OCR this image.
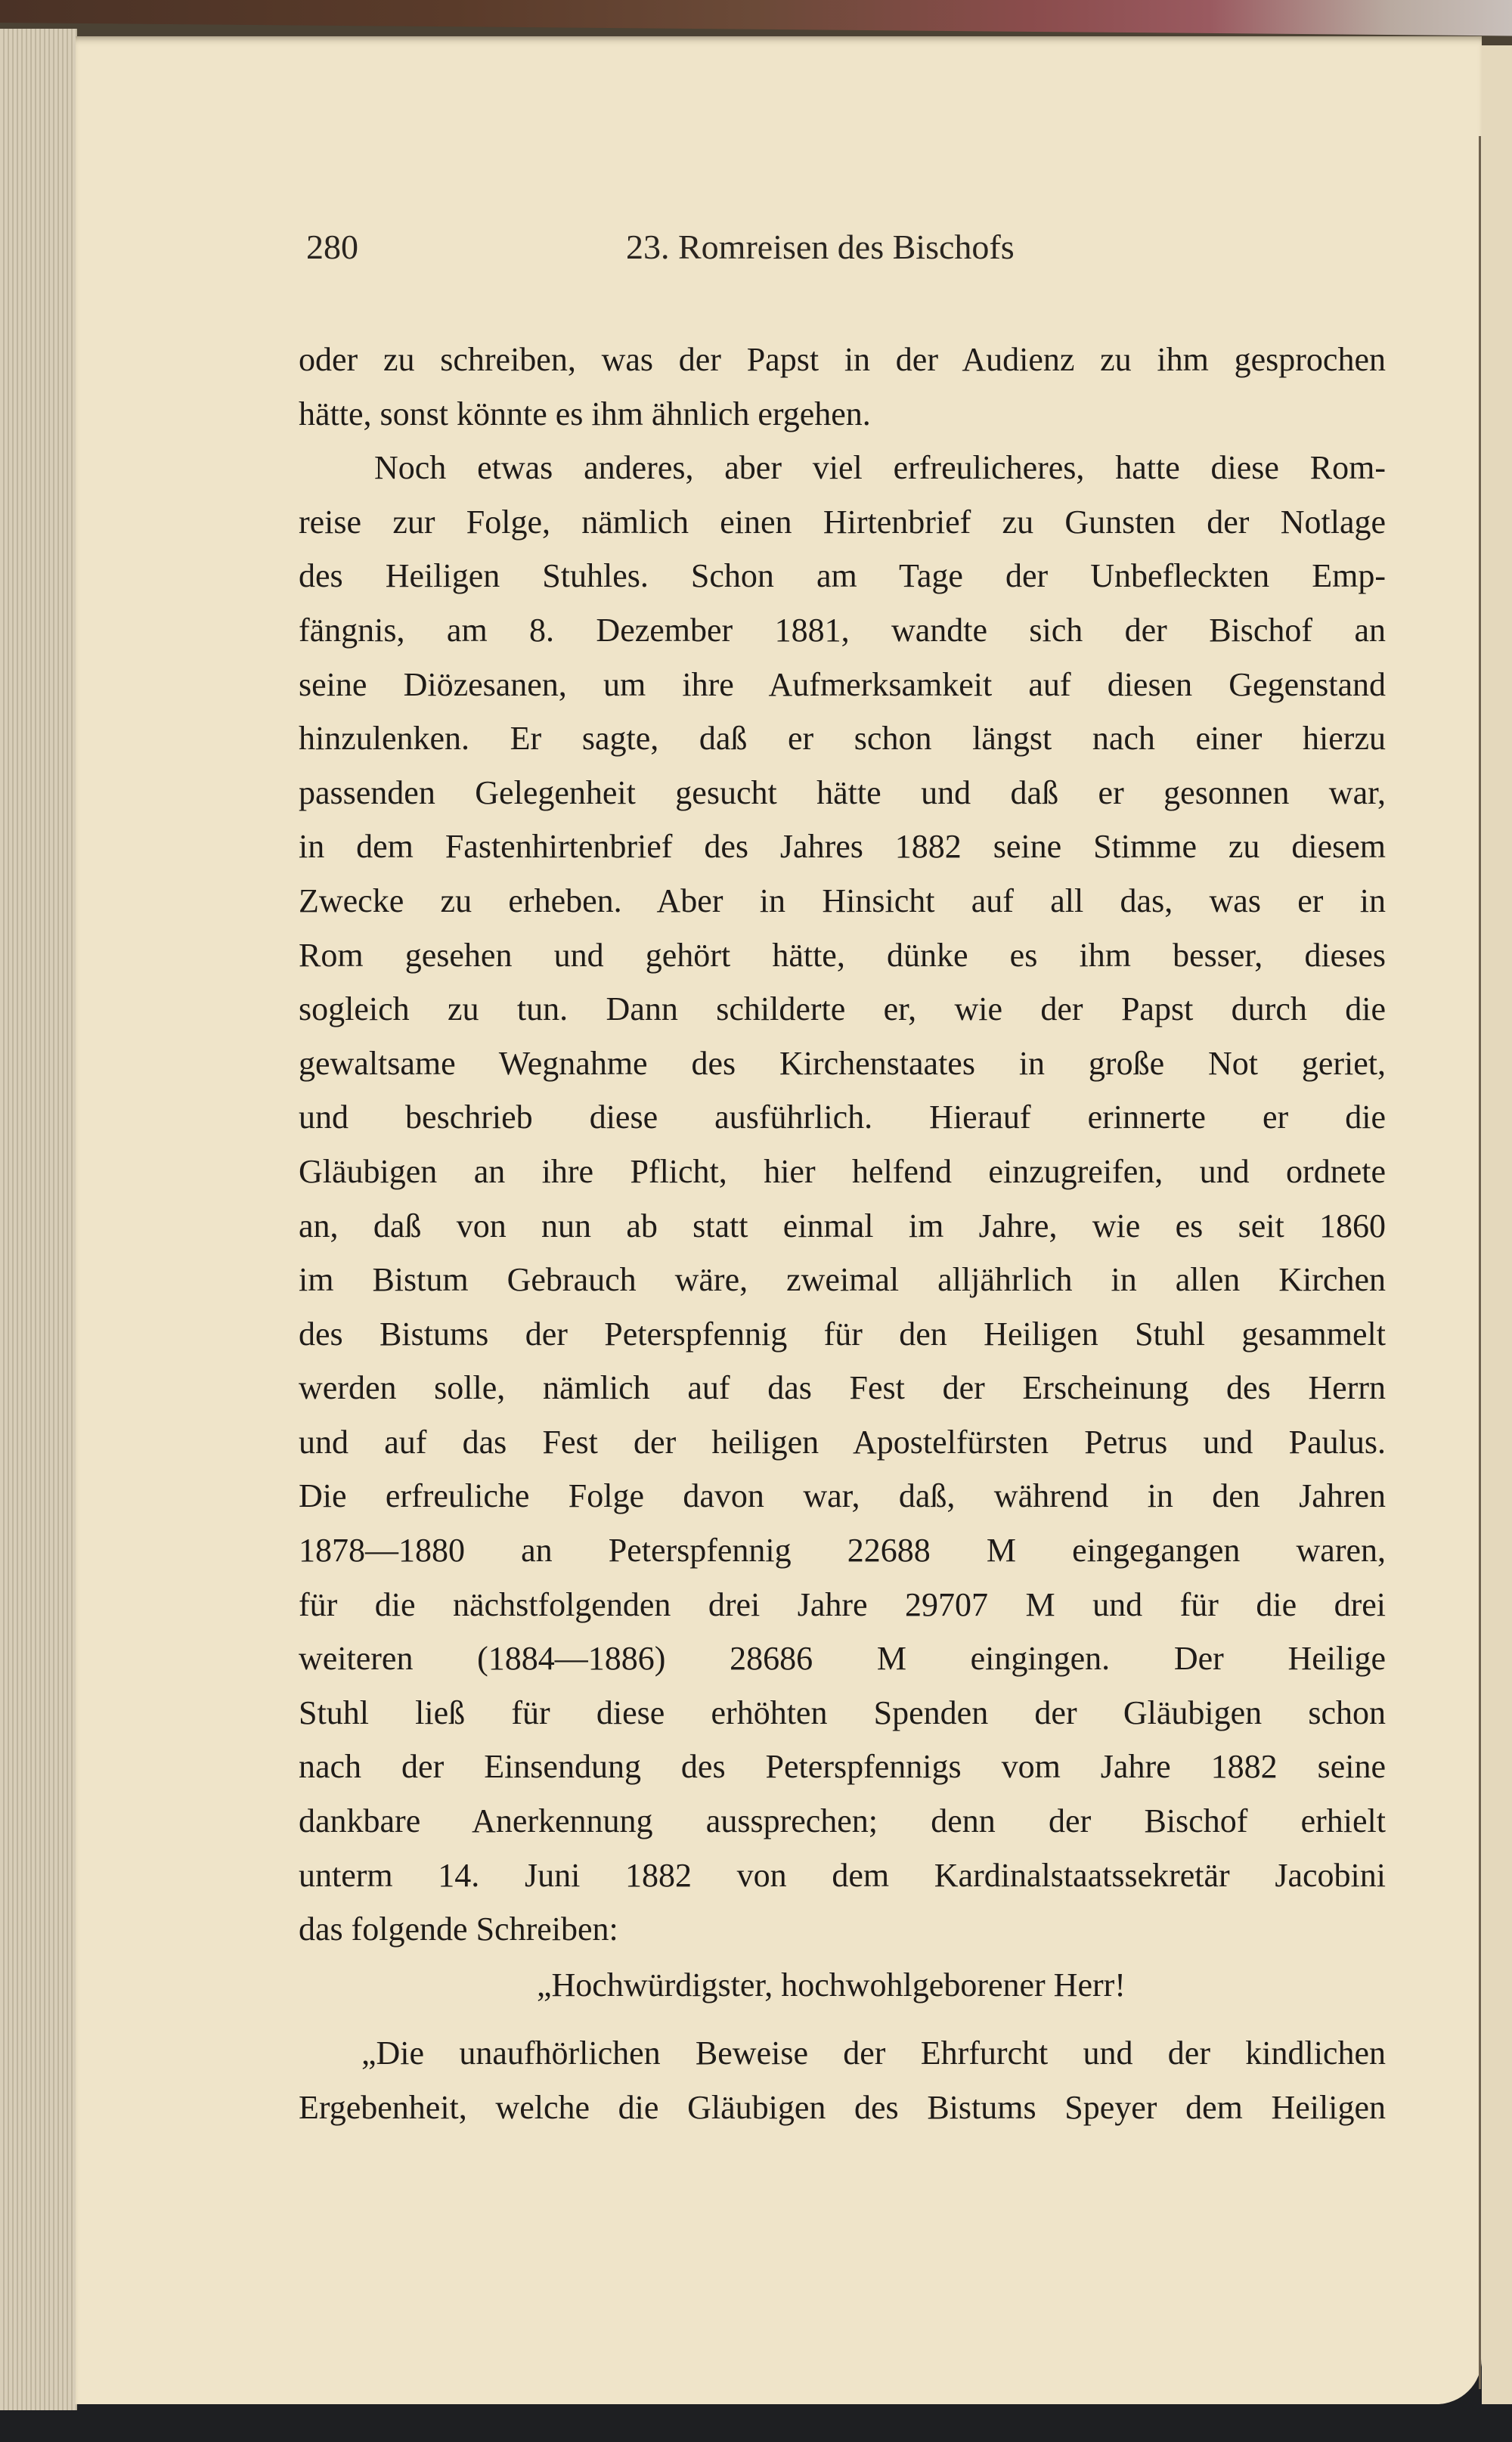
280	23. Romreisen des Bischofs
oder zu schreiben, was der Papst in der Audienz zu ihm gesprochen
hätte, sonst könnte es ihm ähnlich ergehen.
Noch etwas anderes, aber viel erfreulicheres, hatte diese Rom-
reise zur Folge, nämlich einen Hirtenbrief zu Gunsten der Notlage
des Heiligen Stuhles. Schon am Tage der Unbefleckten Emp-
fängnis, am 8. Dezember 1881, wandte sich der Bischof an
seine Diözesanen, um ihre Aufmerksamkeit auf diesen Gegenstand
hinzulenken. Er sagte, daß er schon längst nach einer hierzu
passenden Gelegenheit gesucht hätte und daß er gesonnen war,
in dem Fastenhirtenbrief des Jahres 1882 seine Stimme zu diesem
Zwecke zu erheben. Aber in Hinsicht auf all das, was er in
Rom gesehen und gehört hätte, dünke es ihm besser, dieses
sogleich zu tun. Dann schilderte er, wie der Papst durch die
gewaltsame Wegnahme des Kirchenstaates in große Not geriet,
und beschrieb diese ausführlich. Hierauf erinnerte er die
Gläubigen an ihre Pflicht, hier helfend einzugreifen, und ordnete
an, daß von nun ab statt einmal im Jahre, wie es seit 1860
im Bistum Gebrauch wäre, zweimal alljährlich in allen Kirchen
des Bistums der Peterspfennig für den Heiligen Stuhl gesammelt
werden solle, nämlich auf das Fest der Erscheinung des Herrn
und auf das Fest der heiligen Apostelfürsten Petrus und Paulus.
Die erfreuliche Folge davon war, daß, während in den Jahren
1878—1880 an Peterspfennig 22688 M eingegangen waren,
für die nächstfolgenden drei Jahre 29707 M und für die drei
weiteren (1884—1886) 28686 M eingingen. Der Heilige
Stuhl ließ für diese erhöhten Spenden der Gläubigen schon
nach der Einsendung des Peterspfennigs vom Jahre 1882 seine
dankbare Anerkennung aussprechen; denn der Bischof erhielt
unterm 14. Juni 1882 von dem Kardinalstaatssekretär Jacobini
das folgende Schreiben:
„Hochwürdigster, hochwohlgeborener Herr!
„Die unaufhörlichen Beweise der Ehrfurcht und der kindlichen
Ergebenheit, welche die Gläubigen des Bistums Speyer dem Heiligen
